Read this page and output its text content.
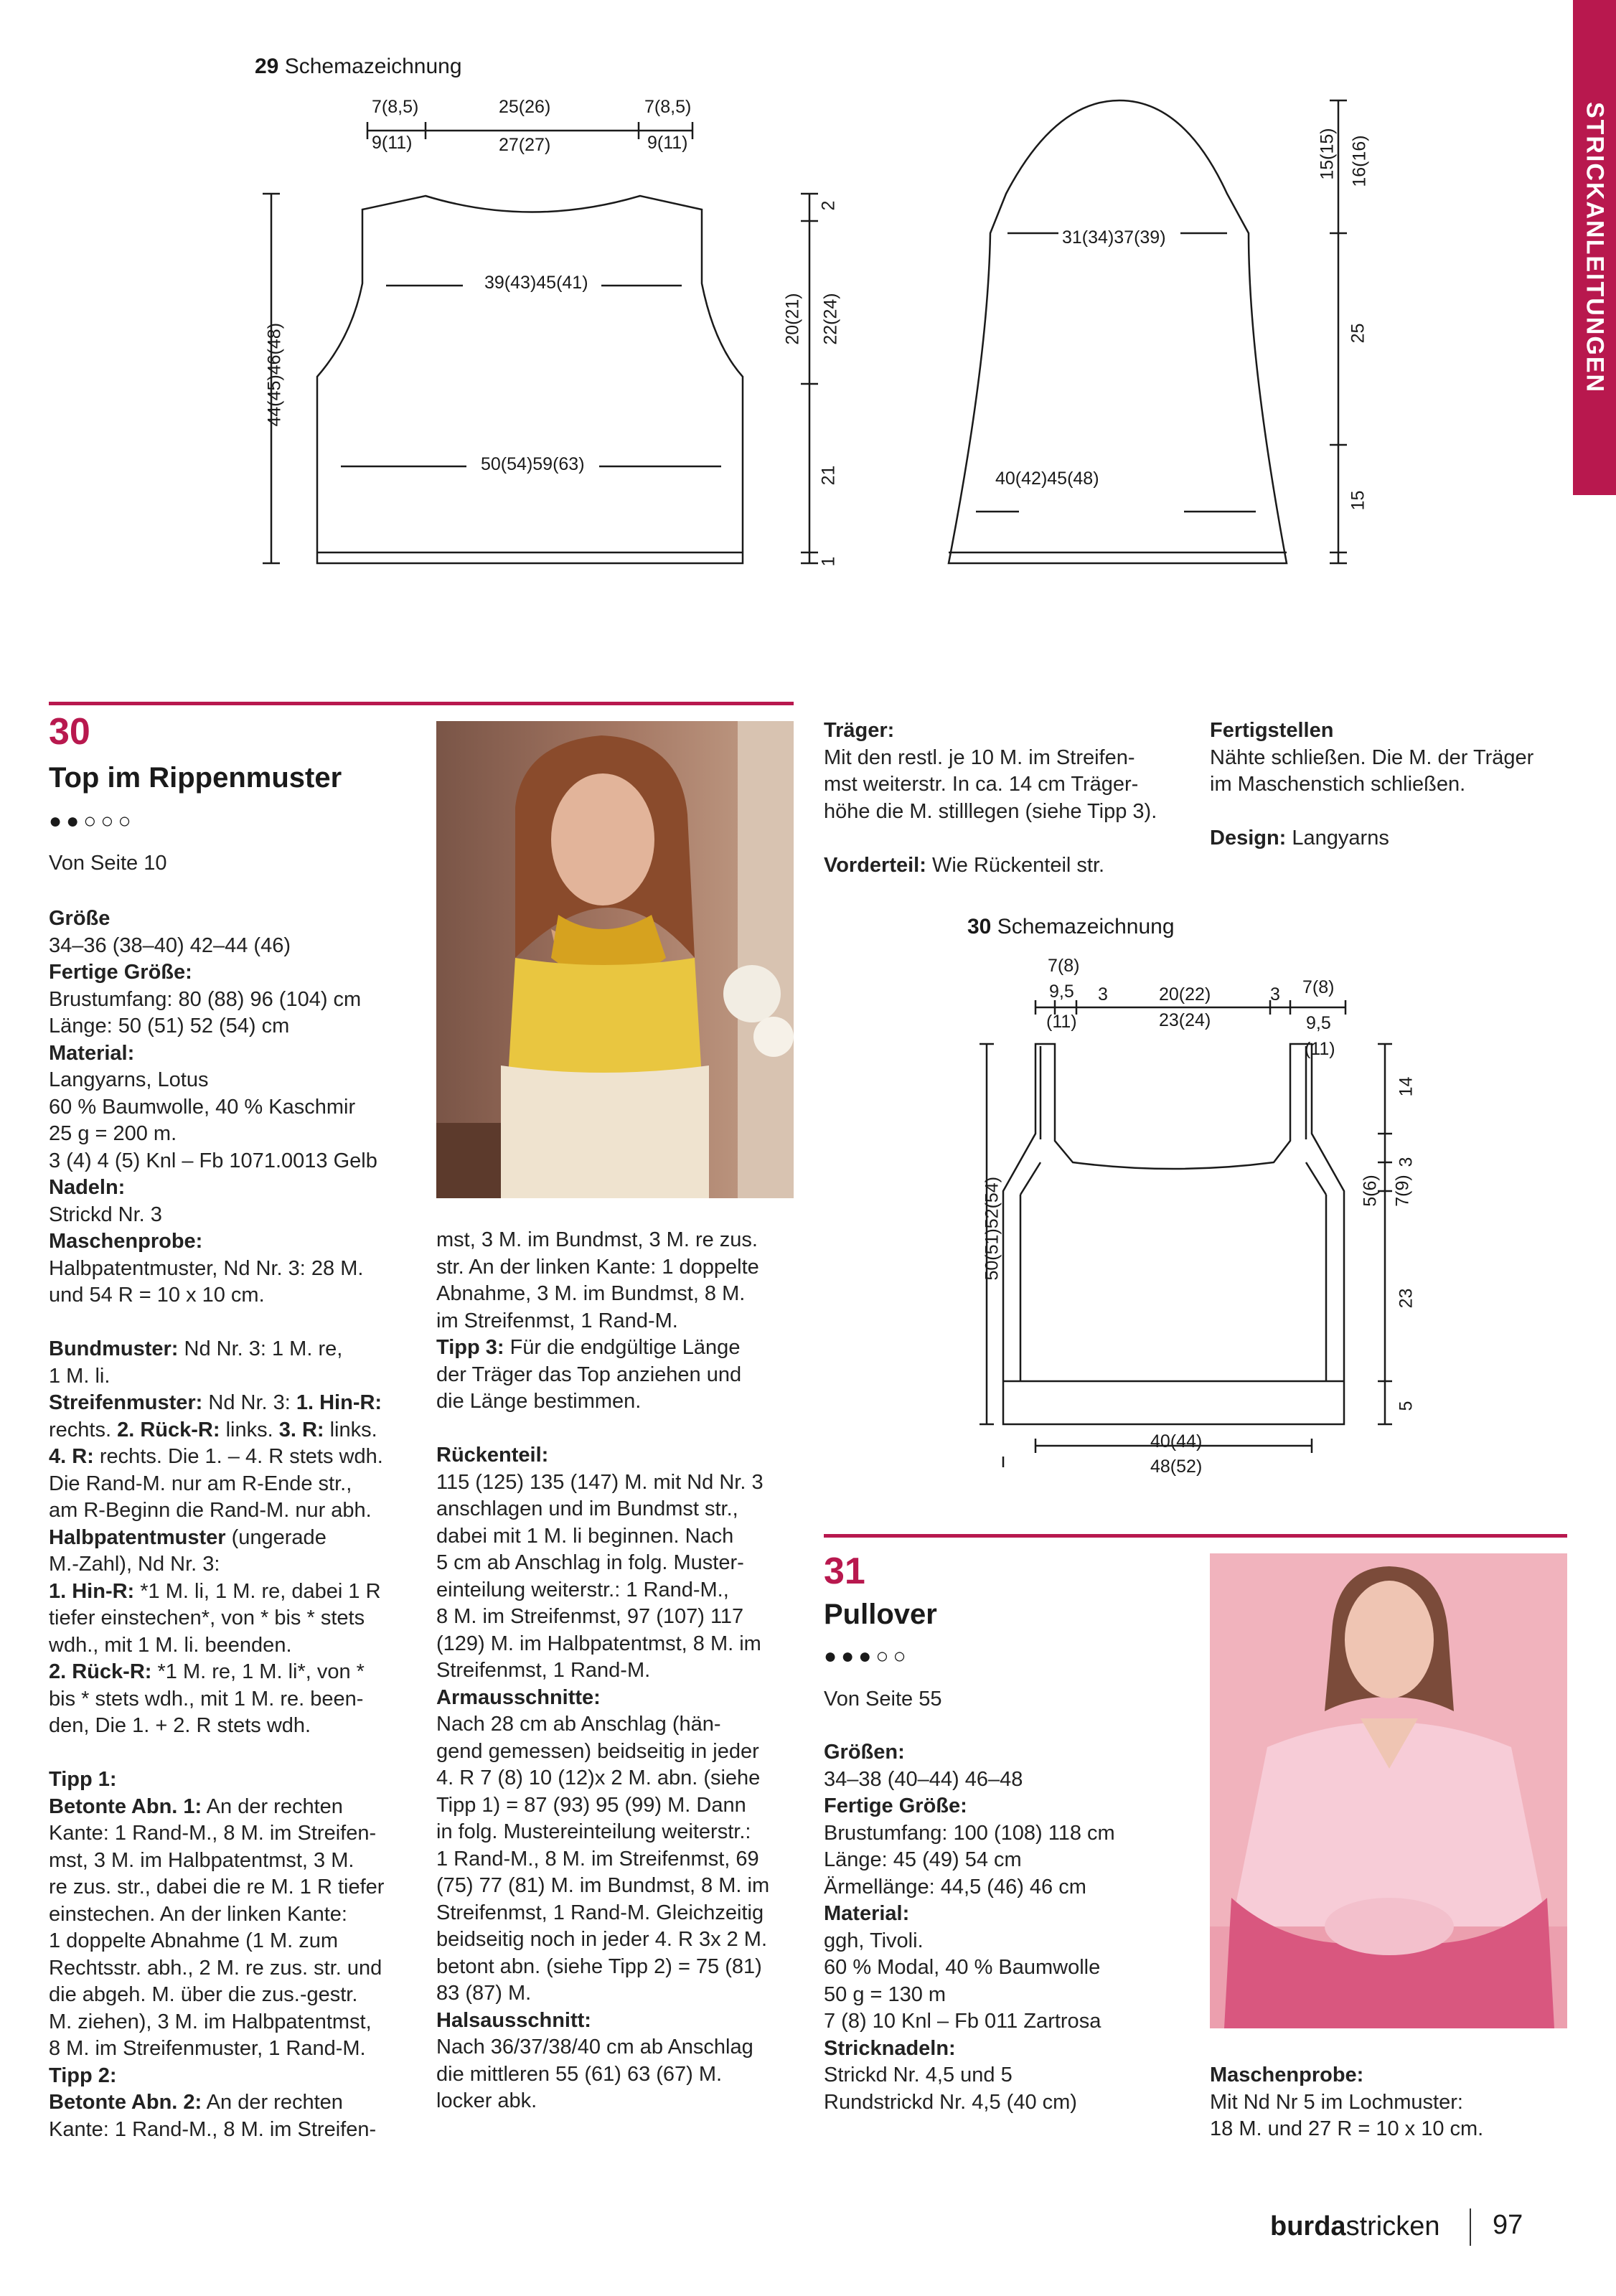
STRICKANLEITUNGEN
29 Schemazeichnung
7(8,5)	25(26)	7(8,5)
9(11)	27(27)	9(11)
39(43)45(41)
50(54)59(63)
44(45)46(48)
20(21) 22(24)
2
21
1
31(34)37(39)
40(42)45(48)
15(15) 16(16)
25
15
30
Top im Rippenmuster
●●○○○
Von Seite 10

Größe

34–36 (38–40) 42–44 (46)

Fertige Größe:

Brustumfang: 80 (88) 96 (104) cm

Länge: 50 (51) 52 (54) cm

Material:

Langyarns, Lotus

60 % Baumwolle, 40 % Kaschmir

25 g = 200 m.

3 (4) 4 (5) Knl – Fb 1071.0013 Gelb

Nadeln:

Strickd Nr. 3

Maschenprobe:

Halbpatentmuster, Nd Nr. 3: 28 M.

und 54 R = 10 x 10 cm.

Bundmuster: Nd Nr. 3: 1 M. re,

1 M. li.

Streifenmuster: Nd Nr. 3: 1. Hin-R:

rechts. 2. Rück-R: links. 3. R: links.

4. R: rechts. Die 1. – 4. R stets wdh.

Die Rand-M. nur am R-Ende str.,

am R-Beginn die Rand-M. nur abh.

Halbpatentmuster (ungerade

M.-Zahl), Nd Nr. 3:

1. Hin-R: *1 M. li, 1 M. re, dabei 1 R

tiefer einstechen*, von * bis * stets

wdh., mit 1 M. li. beenden.

2. Rück-R: *1 M. re, 1 M. li*, von *

bis * stets wdh., mit 1 M. re. been-

den, Die 1. + 2. R stets wdh.

Tipp 1:

Betonte Abn. 1: An der rechten

Kante: 1 Rand-M., 8 M. im Streifen-

mst, 3 M. im Halbpatentmst, 3 M.

re zus. str., dabei die re M. 1 R tiefer

einstechen. An der linken Kante:

1 doppelte Abnahme (1 M. zum

Rechtsstr. abh., 2 M. re zus. str. und

die abgeh. M. über die zus.-gestr.

M. ziehen), 3 M. im Halbpatentmst,

8 M. im Streifenmuster, 1 Rand-M.

Tipp 2:

Betonte Abn. 2: An der rechten

Kante: 1 Rand-M., 8 M. im Streifen-

mst, 3 M. im Bundmst, 3 M. re zus.

str. An der linken Kante: 1 doppelte

Abnahme, 3 M. im Bundmst, 8 M.

im Streifenmst, 1 Rand-M.

Tipp 3: Für die endgültige Länge

der Träger das Top anziehen und

die Länge bestimmen.

Rückenteil:

115 (125) 135 (147) M. mit Nd Nr. 3

anschlagen und im Bundmst str.,

dabei mit 1 M. li beginnen. Nach

5 cm ab Anschlag in folg. Muster-

einteilung weiterstr.: 1 Rand-M.,

8 M. im Streifenmst, 97 (107) 117

(129) M. im Halbpatentmst, 8 M. im

Streifenmst, 1 Rand-M.

Armausschnitte:

Nach 28 cm ab Anschlag (hän-

gend gemessen) beidseitig in jeder

4. R 7 (8) 10 (12)x 2 M. abn. (siehe

Tipp 1) = 87 (93) 95 (99) M. Dann

in folg. Mustereinteilung weiterstr.:

1 Rand-M., 8 M. im Streifenmst, 69

(75) 77 (81) M. im Bundmst, 8 M. im

Streifenmst, 1 Rand-M. Gleichzeitig

beidseitig noch in jeder 4. R 3x 2 M.

betont abn. (siehe Tipp 2) = 75 (81)

83 (87) M.

Halsausschnitt:

Nach 36/37/38/40 cm ab Anschlag

die mittleren 55 (61) 63 (67) M.

locker abk.

Träger:

Mit den restl. je 10 M. im Streifen-

mst weiterstr. In ca. 14 cm Träger-

höhe die M. stilllegen (siehe Tipp 3).

Vorderteil: Wie Rückenteil str.

Fertigstellen

Nähte schließen. Die M. der Träger

im Maschenstich schließen.

Design: Langyarns

30 Schemazeichnung
7(8)
9,5
(11)
3	20(22)
23(24)
3 7(8)
9,5
(11)
50(51)52(54)
14
5(6) 7(9)
3
23
5
40(44)
48(52)
31
Pullover
●●●○○
Von Seite 55

Größen:

34–38 (40–44) 46–48

Fertige Größe:

Brustumfang: 100 (108) 118 cm

Länge: 45 (49) 54 cm

Ärmellänge: 44,5 (46) 46 cm

Material:

ggh, Tivoli.

60 % Modal, 40 % Baumwolle

50 g = 130 m

7 (8) 10 Knl – Fb 011 Zartrosa

Stricknadeln:

Strickd Nr. 4,5 und 5

Rundstrickd Nr. 4,5 (40 cm)

Maschenprobe:

Mit Nd Nr 5 im Lochmuster:

18 M. und 27 R = 10 x 10 cm.

burdastricken 97
